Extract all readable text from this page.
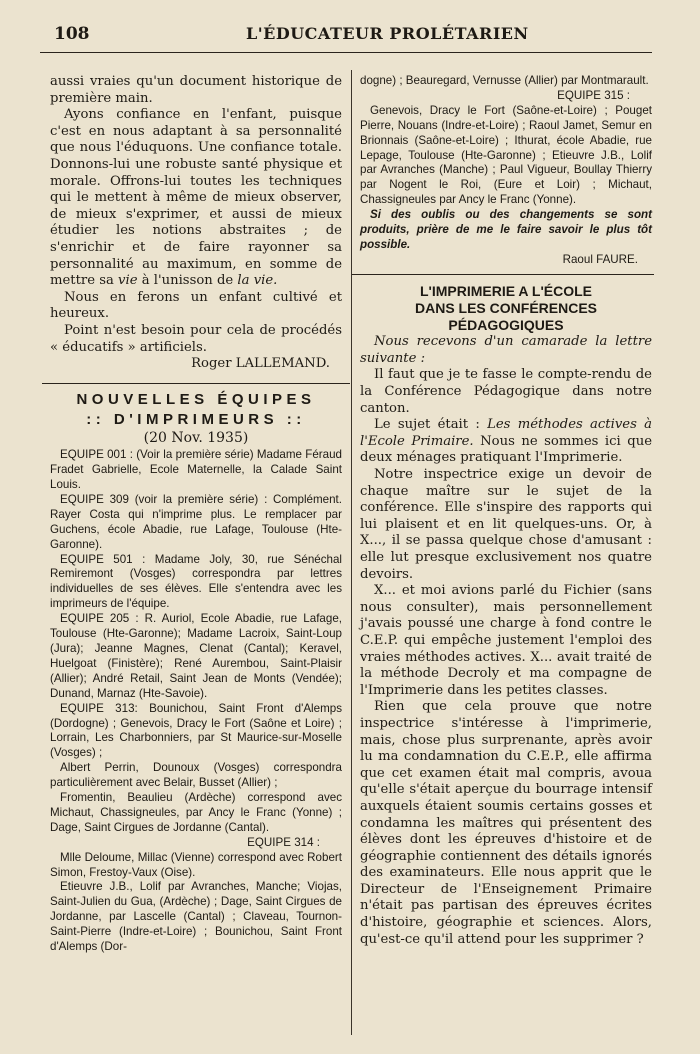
108	L'ÉDUCATEUR PROLÉTARIEN

aussi vraies qu'un document historique de première main.

Ayons confiance en l'enfant, puisque c'est en nous adaptant à sa personnalité que nous l'éduquons. Une confiance totale. Donnons-lui une robuste santé physique et morale. Offrons-lui toutes les techniques qui le mettent à même de mieux observer, de mieux s'exprimer, et aussi de mieux étudier les notions abstraites ; de s'enrichir et de faire rayonner sa personnalité au maximum, en somme de mettre sa vie à l'unisson de la vie.

Nous en ferons un enfant cultivé et heureux.

Point n'est besoin pour cela de procédés « éducatifs » artificiels.

Roger LALLEMAND.

NOUVELLES ÉQUIPES

:: D'IMPRIMEURS ::

(20 Nov. 1935)

EQUIPE 001 : (Voir la première série) Madame Féraud Fradet Gabrielle, Ecole Maternelle, la Calade Saint Louis.

EQUIPE 309 (voir la première série) : Complément. Rayer Costa qui n'imprime plus. Le remplacer par Guchens, école Abadie, rue Lafage, Toulouse (Hte-Garonne).

EQUIPE 501 : Madame Joly, 30, rue Sénéchal Remiremont (Vosges) correspondra par lettres individuelles de ses élèves. Elle s'entendra avec les imprimeurs de l'équipe.

EQUIPE 205 : R. Auriol, Ecole Abadie, rue Lafage, Toulouse (Hte-Garonne); Madame Lacroix, Saint-Loup (Jura); Jeanne Magnes, Clenat (Cantal); Keravel, Huelgoat (Finistère); René Aurembou, Saint-Plaisir (Allier); André Retail, Saint Jean de Monts (Vendée); Dunand, Marnaz (Hte-Savoie).

EQUIPE 313: Bounichou, Saint Front d'Alemps (Dordogne) ; Genevois, Dracy le Fort (Saône et Loire) ; Lorrain, Les Charbonniers, par St Maurice-sur-Moselle (Vosges) ;

Albert Perrin, Dounoux (Vosges) correspondra particulièrement avec Belair, Busset (Allier) ;

Fromentin, Beaulieu (Ardèche) correspond avec Michaut, Chassigneules, par Ancy le Franc (Yonne) ; Dage, Saint Cirgues de Jordanne (Cantal).

EQUIPE 314 :

Mlle Deloume, Millac (Vienne) correspond avec Robert Simon, Frestoy-Vaux (Oise).

Etieuvre J.B., Lolif par Avranches, Manche; Viojas, Saint-Julien du Gua, (Ardèche) ; Dage, Saint Cirgues de Jordanne, par Lascelle (Cantal) ; Claveau, Tournon-Saint-Pierre (Indre-et-Loire) ; Bounichou, Saint Front d'Alemps (Dor-

dogne) ; Beauregard, Vernusse (Allier) par Montmarault.

EQUIPE 315 :

Genevois, Dracy le Fort (Saône-et-Loire) ; Pouget Pierre, Nouans (Indre-et-Loire) ; Raoul Jamet, Semur en Brionnais (Saône-et-Loire) ; Ithurat, école Abadie, rue Lepage, Toulouse (Hte-Garonne) ; Etieuvre J.B., Lolif par Avranches (Manche) ; Paul Vigueur, Boullay Thierry par Nogent le Roi, (Eure et Loir) ; Michaut, Chassigneules par Ancy le Franc (Yonne).

Si des oublis ou des changements se sont produits, prière de me le faire savoir le plus tôt possible.

Raoul FAURE.

L'IMPRIMERIE A L'ÉCOLE

DANS LES CONFÉRENCES PÉDAGOGIQUES

Nous recevons d'un camarade la lettre suivante :

Il faut que je te fasse le compte-rendu de la Conférence Pédagogique dans notre canton.

Le sujet était : Les méthodes actives à l'Ecole Primaire. Nous ne sommes ici que deux ménages pratiquant l'Imprimerie.

Notre inspectrice exige un devoir de chaque maître sur le sujet de la conférence. Elle s'inspire des rapports qui lui plaisent et en lit quelques-uns. Or, à X..., il se passa quelque chose d'amusant : elle lut presque exclusivement nos quatre devoirs.

X... et moi avions parlé du Fichier (sans nous consulter), mais personnellement j'avais poussé une charge à fond contre le C.E.P. qui empêche justement l'emploi des vraies méthodes actives. X... avait traité de la méthode Decroly et ma compagne de l'Imprimerie dans les petites classes.

Rien que cela prouve que notre inspectrice s'intéresse à l'imprimerie, mais, chose plus surprenante, après avoir lu ma condamnation du C.E.P., elle affirma que cet examen était mal compris, avoua qu'elle s'était aperçue du bourrage intensif auxquels étaient soumis certains gosses et condamna les maîtres qui présentent des élèves dont les épreuves d'histoire et de géographie contiennent des détails ignorés des examinateurs. Elle nous apprit que le Directeur de l'Enseignement Primaire n'était pas partisan des épreuves écrites d'histoire, géographie et sciences. Alors, qu'est-ce qu'il attend pour les supprimer ?
